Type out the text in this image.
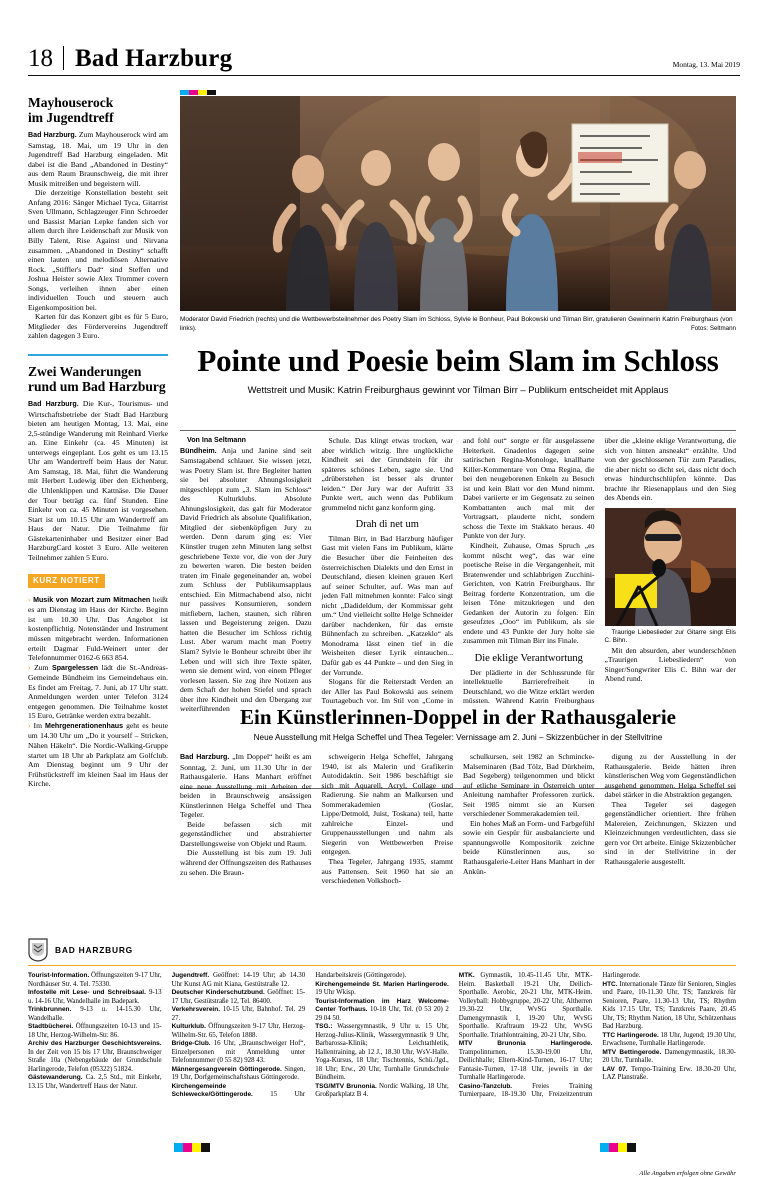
18 Bad Harzburg	Montag, 13. Mai 2019
Mayhouserock
im Jugendtreff

Bad Harzburg. Zum Mayhouserock wird am Samstag, 18. Mai, um 19 Uhr in den Jugendtreff Bad Harzburg eingeladen. Mit dabei ist die Band „Abandoned in Destiny“ aus dem Raum Braunschweig, die mit ihrer Musik mitreißen und begeistern will.

Die derzeitige Konstellation besteht seit Anfang 2016: Sänger Michael Tyca, Gitarrist Sven Ullmann, Schlagzeuger Finn Schroeder und Bassist Marian Lepke fanden sich vor allem durch ihre Leidenschaft zur Musik von Billy Talent, Rise Against und Nirvana zusammen. „Abandoned in Destiny“ schafft einen lauten und melodiösen Alternative Rock. „Stiffler's Dad“ sind Steffen und Joshua Heister sowie Alex Trommer covern Songs, verleihen ihnen aber einen individuellen Touch und steuern auch Eigenkomposition bei.

Karten für das Konzert gibt es für 5 Euro, Mitglieder des Fördervereins Jugendtreff zahlen dagegen 3 Euro.

Zwei Wanderungen
rund um Bad Harzburg

Bad Harzburg. Die Kur-, Tourismus- und Wirtschaftsbetriebe der Stadt Bad Harzburg bieten am heutigen Montag, 13. Mai, eine 2,5-stündige Wanderung mit Reinhard Vierke an. Eine Einkehr (ca. 45 Minuten) ist unterwegs eingeplant. Los geht es um 13.15 Uhr am Wandertreff beim Haus der Natur. Am Samstag, 18. Mai, führt die Wanderung mit Herbert Ludewig über den Eichenberg, die Uhlenklippen und Kattnäse. Die Dauer der Tour beträgt ca. fünf Stunden. Eine Einkehr von ca. 45 Minuten ist vorgesehen. Start ist um 10.15 Uhr am Wandertreff am Haus der Natur. Die Teilnahme für Gästekarteninhaber und Besitzer einer Bad HarzburgCard kostet 3 Euro. Alle weiteren Teilnehmer zahlen 5 Euro.

KURZ NOTIERT

› Musik von Mozart zum Mitmachen heißt es am Dienstag im Haus der Kirche. Beginn ist um 10.30 Uhr. Das Angebot ist kostenpflichtig. Notenständer und Instrument müssen mitgebracht werden. Informationen erteilt Dagmar Fuld-Weinert unter der Telefonnummer 0162-6 663 854.

› Zum Spargelessen lädt die St.-Andreas-Gemeinde Bündheim ins Gemeindehaus ein. Es findet am Freitag, 7. Juni, ab 17 Uhr statt. Anmeldungen werden unter Telefon 3124 entgegen genommen. Die Teilnahme kostet 15 Euro, Getränke werden extra bezahlt.

› Im Mehrgenerationenhaus geht es heute um 14.30 Uhr um „Do it yourself – Stricken, Nähen Häkeln“. Die Nordic-Walking-Gruppe startet um 18 Uhr ab Parkplatz am Golfclub. Am Dienstag beginnt um 9 Uhr der Frühstückstreff im kleinen Saal im Haus der Kirche.

Moderator David Friedrich (rechts) und die Wettbewerbsteilnehmer des Poetry Slam im Schloss, Sylvie le Bonheur, Paul Bokowski und Tilman Birr, gratulieren Gewinnerin Katrin Freiburghaus (von links).	Fotos: Seltmann
Pointe und Poesie beim Slam im Schloss

Wettstreit und Musik: Katrin Freiburghaus gewinnt vor Tilman Birr – Publikum entscheidet mit Applaus

Von Ina Seltmann

Bündheim. Anja und Janine sind seit Samstagabend schlauer. Sie wissen jetzt, was Poetry Slam ist. Ihre Begleiter hatten sie bei absoluter Ahnungslosigkeit mitgeschleppt zum „3. Slam im Schloss“ des Kulturklubs. Absolute Ahnungslosigkeit, das galt für Moderator David Friedrich als absolute Qualifikation, Mitglied der siebenköpfigen Jury zu werden. Denn darum ging es: Vier Künstler trugen zehn Minuten lang selbst geschriebene Texte vor, die von der Jury zu bewerten waren. Die besten beiden traten im Finale gegeneinander an, wobei zum Schluss der Publikumsapplaus entschied. Ein Mitmachabend also, nicht nur passives Konsumieren, sondern mitfiebern, lachen, staunen, sich rühren lassen und Begeisterung zeigen. Dazu hatten die Besucher im Schloss richtig Lust. Aber warum macht man Poetry Slam? Sylvie le Bonheur schreibt über ihr Leben und will sich ihre Texte später, wenn sie dement wird, von einem Pfleger vorlesen lassen. Sie zog ihre Notizen aus dem Schaft der hohen Stiefel und sprach über ihre Kindheit und den Übergang zur weiterführenden

Schule. Das klingt etwas trocken, war aber wirklich witzig. Ihre unglückliche Kindheit sei der Grundstein für ihr späteres schönes Leben, sagte sie. Und „drüberstehen ist besser als drunter leiden.“ Der Jury war der Auftritt 33 Punkte wert, auch wenn das Publikum grummelnd nicht ganz konform ging.

Drah di net um

Tilman Birr, in Bad Harzburg häufiger Gast mit vielen Fans im Publikum, klärte die Besucher über die Feinheiten des österreichischen Dialekts und den Ernst in Deutschland, diesen kleinen grauen Kerl auf seiner Schulter, auf. Was man auf jeden Fall mitnehmen konnte: Falco singt nicht „Dadideldum, der Kommissar geht um.“ Und vielleicht sollte Helge Schneider darüber nachdenken, für das ernste Bühnenfach zu schreiben. „Katzeklo“ als Monodrama lässt einen tief in die Weisheiten dieser Lyrik eintauchen... Dafür gab es 44 Punkte – und den Sieg in der Vorrunde.

Slogans für die Reiterstadt Verden an der Aller las Paul Bokowski aus seinem Tourtagebuch vor. Im Stil von „Come in and fohl out“ sorgte er für ausgelassene Heiterkeit. Gnadenlos dagegen seine satirischen Regina-Monologe, knallharte Killer-Kommentare von Oma Regina, die bei den neugeborenen Enkeln zu Besuch ist und kein Blatt vor den Mund nimmt. Dabei variierte er im Gegensatz zu seinen Kombattanten auch mal mit der Vortragsart, plauderte nicht, sondern schoss die Texte im Stakkato heraus. 40 Punkte von der Jury.

Kindheit, Zuhause, Omas Spruch „es kommt nüscht weg“, das war eine poetische Reise in die Vergangenheit, mit Bratenwender und schlabbrigen Zucchini-Gerichten, von Katrin Freiburghaus. Ihr Beitrag forderte Konzentration, um die leisen Töne mitzukriegen und den Gedanken der Autorin zu folgen. Ein geseufztes „Ooo“ im Publikum, als sie endete und 43 Punkte der Jury holte sie zusammen mit Tilman Birr ins Finale.

Die eklige Verantwortung

Der plädierte in der Schlussrunde für intellektuelle Barrierefreiheit in Deutschland, wo die Witze erklärt werden müssten. Während Katrin Freiburghaus über die „kleine eklige Verantwortung, die sich von hinten ansneakt“ erzählte. Und von der geschlossenen Tür zum Paradies, die aber nicht so dicht sei, dass nicht doch etwas hindurchschlüpfen könnte. Das brachte ihr Riesenapplaus und den Sieg des Abends ein.

Traurige Liebeslieder zur Gitarre singt Elis C. Bihn.

Mit den absurden, aber wunderschönen „Traurigen Liebesliedern“ von Singer/Songwriter Elis C. Bihn war der Abend rund.

Ein Künstlerinnen-Doppel in der Rathausgalerie

Neue Ausstellung mit Helga Scheffel und Thea Tegeler: Vernissage am 2. Juni – Skizzenbücher in der Stellvitrine

Bad Harzburg. „Im Doppel“ heißt es am Sonntag, 2. Juni, um 11.30 Uhr in der Rathausgalerie. Hans Manhart eröffnet eine neue Ausstellung mit Arbeiten der beiden in Braunschweig ansässigen Künstlerinnen Helga Scheffel und Thea Tegeler.

Beide befassen sich mit gegenständlicher und abstrahierter Darstellungsweise von Objekt und Raum.

Die Ausstellung ist bis zum 19. Juli während der Öffnungszeiten des Rathauses zu sehen. Die Braun-

schweigerin Helga Scheffel, Jahrgang 1940, ist als Malerin und Grafikerin Autodidaktin. Seit 1986 beschäftigt sie sich mit Aquarell, Acryl, Collage und Radierung. Sie nahm an Malkursen und Sommerakademien (Goslar, Lippe/Detmold, Juist, Toskana) teil, hatte zahlreiche Einzel- und Gruppenausstellungen und nahm als Siegerin von Wettbewerben Preise entgegen.

Thea Tegeler, Jahrgang 1935, stammt aus Pattensen. Seit 1960 hat sie an verschiedenen Volkshoch-

schulkursen, seit 1982 an Schmincke-Malseminaren (Bad Tölz, Bad Dürkheim, Bad Segeberg) teilgenommen und blickt auf etliche Seminare in Österreich unter Anleitung namhafter Professoren zurück. Seit 1985 nimmt sie an Kursen verschiedener Sommerakademien teil.

Ein hohes Maß an Form- und Farbgefühl sowie ein Gespür für ausbalancierte und spannungsvolle Kompositorik zeichne beide Künstlerinnen aus, so Rathausgalerie-Leiter Hans Manhart in der Ankün-

digung zu der Ausstellung in der Rathausgalerie. Beide hätten ihren künstlerischen Weg vom Gegenständlichen ausgehend genommen. Helga Scheffel sei dabei stärker in die Abstraktion gegangen.

Thea Tegeler sei dagegen gegenständlicher orientiert. Ihre frühen Malereien, Zeichnungen, Skizzen und Kleinzeichnungen verdeutlichten, dass sie gern vor Ort arbeite. Einige Skizzenbücher sind in der Stellvitrine in der Rathausgalerie ausgestellt.

BAD HARZBURG

Tourist-Information. Öffnungszeiten 9-17 Uhr, Nordhäuser Str. 4. Tel. 75330.

Infostelle mit Lese- und Schreibsaal. 9-13 u. 14-16 Uhr, Wandelhalle im Badepark.

Trinkbrunnen. 9-13 u. 14-15.30 Uhr, Wandelhalle.

Stadtbücherei. Öffnungszeiten 10-13 und 15-18 Uhr, Herzog-Wilhelm-Str. 86.

Archiv des Harzburger Geschichtsvereins. In der Zeit von 15 bis 17 Uhr, Braunschweiger Straße 10a (Nebengebäude der Grundschule Harlingerode, Telefon (05322) 51824.

Gästewanderung. Ca. 2,5 Std., mit Einkehr, 13.15 Uhr, Wandertreff Haus der Natur.

Jugendtreff. Geöffnet: 14-19 Uhr; ab 14.30 Uhr Kunst AG mit Kiana, Gestütstraße 12.

Deutscher Kinderschutzbund. Geöffnet: 15-17 Uhr, Gestütstraße 12, Tel. 86400.

Verkehrsverein. 10-15 Uhr, Bahnhof. Tel. 29 27.

Kulturklub. Öffnungszeiten 9-17 Uhr, Herzog-Wilhelm-Str. 65, Telefon 1888.

Bridge-Club. 16 Uhr, „Braunschweiger Hof“, Einzelpersonen mit Anmeldung unter Telefonnummer (0 55 82) 928 43.

Männergesangverein Göttingerode. Singen, 19 Uhr, Dorfgemeinschaftshaus Göttingerode.

Kirchengemeinde Schlewecke/Göttingerode. 15 Uhr Handarbeitskreis (Göttingerode).

Kirchengemeinde St. Marien Harlingerode. 19 Uhr Wkisp.

Tourist-Information im Harz Welcome-Center Torfhaus. 10-18 Uhr, Tel. (0 53 20) 2 29 04 50.

TSG.: Wassergymnastik, 9 Uhr u. 15 Uhr, Herzog-Julius-Klinik, Wassergymnastik 9 Uhr, Barbarossa-Klinik; Leichtathletik, Hallentraining, ab 12 J., 18.30 Uhr, WsV-Halle. Yoga-Kursus, 18 Uhr; Tischtennis, Schü./Jgd., 18 Uhr; Erw., 20 Uhr, Turnhalle Grundschule Bündheim.

TSG/MTV Brunonia. Nordic Walking, 18 Uhr, Großparkplatz B 4.

MTK. Gymnastik, 10.45-11.45 Uhr, MTK-Heim. Basketball 19-21 Uhr, Deilich-Sporthalle. Aerobic, 20-21 Uhr, MTK-Heim. Volleyball: Hobbygruppe, 20-22 Uhr, Altherren 19.30-22 Uhr, WvSG Sporthalle. Damengymnastik I, 19-20 Uhr, WvSG Sporthalle. Kraftraum 19-22 Uhr, WvSG Sporthalle. Triathlontraining, 20-21 Uhr, Sibo.

MTV Brunonia Harlingerode. Trampolinturnen, 15.30-19.00 Uhr, Deilichhalle; Eltern-Kind-Turnen, 16-17 Uhr; Fantasie-Turnen, 17-18 Uhr, jeweils in der Turnhalle Harlingerode.

Casino-Tanzclub. Freies Training Turnierpaare, 18-19.30 Uhr, Freizeitzentrum Harlingerode.

HTC. Internationale Tänze für Senioren, Singles und Paare, 10-11.30 Uhr, TS; Tanzkreis für Senioren, Paare, 11.30-13 Uhr, TS; Rhythm Kids 17.15 Uhr, TS; Tanzkreis Paare, 20.45 Uhr, TS; Rhythm Nation, 18 Uhr, Schützenhaus Bad Harzburg.

TTC Harlingerode. 18 Uhr, Jugend; 19.30 Uhr, Erwachsene, Turnhalle Harlingerode.

MTV Bettingerode. Damengymnastik, 18.30-20 Uhr, Turnhalle.

LAV 07. Tempo-Training Erw. 18.30-20 Uhr, LAZ Planstraße.

Alle Angaben erfolgen ohne Gewähr
